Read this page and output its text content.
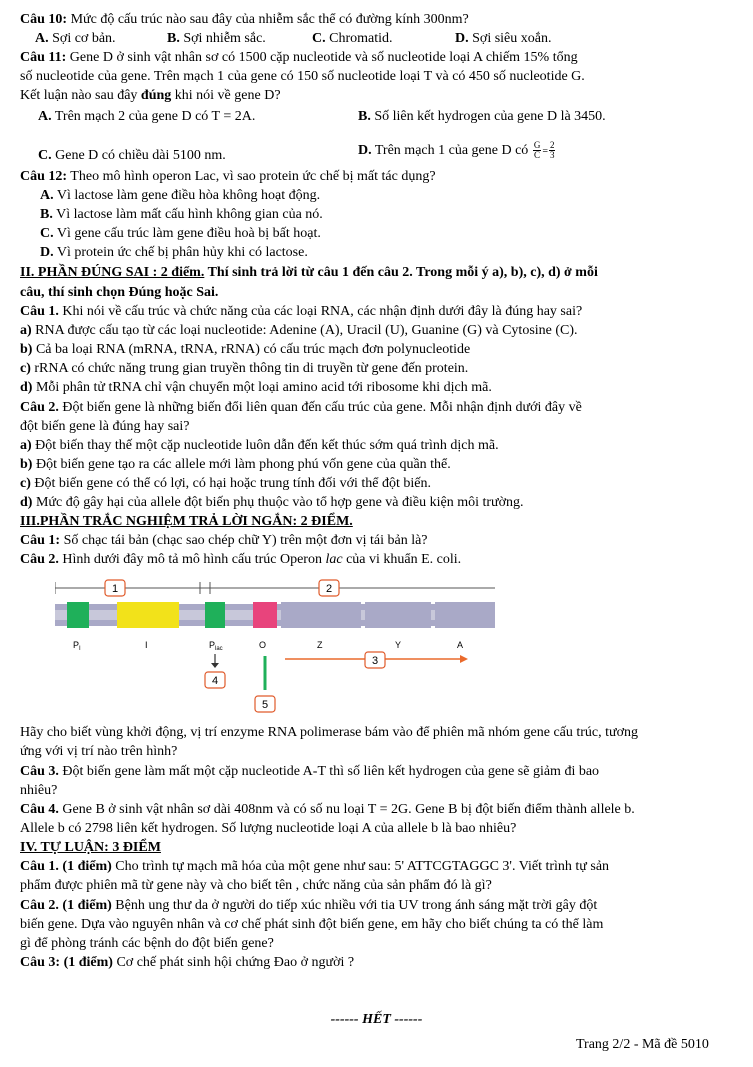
Câu 10: Mức độ cấu trúc nào sau đây của nhiễm sắc thể có đường kính 300nm?
A. Sợi cơ bản.	B. Sợi nhiễm sắc.	C. Chromatid.	D. Sợi siêu xoắn.
Câu 11: Gene D ở sinh vật nhân sơ có 1500 cặp nucleotide và số nucleotide loại A chiếm 15% tổng
số nucleotide của gene. Trên mạch 1 của gene có 150 số nucleotide loại T và có 450 số nucleotide G.
Kết luận nào sau đây đúng khi nói về gene D?
A. Trên mạch 2 của gene D có T = 2A.	B. Số liên kết hydrogen của gene D là 3450.
C. Gene D có chiều dài 5100 nm.	D. Trên mạch 1 của gene D có $\frac{G}{C} = \frac{2}{3}$
Câu 12: Theo mô hình operon Lac, vì sao protein ức chế bị mất tác dụng?
A. Vì lactose làm gene điều hòa không hoạt động.
B. Vì lactose làm mất cấu hình không gian của nó.
C. Vì gene cấu trúc làm gene điều hoà bị bất hoạt.
D. Vì protein ức chế bị phân hủy khi có lactose.
II. PHẦN ĐÚNG SAI : 2 điểm. Thí sinh trả lời từ câu 1 đến câu 2. Trong mỗi ý a), b), c), d) ở mỗi
câu, thí sinh chọn Đúng hoặc Sai.
Câu 1. Khi nói về cấu trúc và chức năng của các loại RNA, các nhận định dưới đây là đúng hay sai?
a) RNA được cấu tạo từ các loại nucleotide: Adenine (A), Uracil (U), Guanine (G) và Cytosine (C).
b) Cả ba loại RNA (mRNA, tRNA, rRNA) có cấu trúc mạch đơn polynucleotide
c) rRNA có chức năng trung gian truyền thông tin di truyền từ gene đến protein.
d) Mỗi phân tử tRNA chỉ vận chuyển một loại amino acid tới ribosome khi dịch mã.
Câu 2. Đột biến gene là những biến đổi liên quan đến cấu trúc của gene. Mỗi nhận định dưới đây về
đột biến gene là đúng hay sai?
a) Đột biến thay thế một cặp nucleotide luôn dẫn đến kết thúc sớm quá trình dịch mã.
b) Đột biến gene tạo ra các allele mới làm phong phú vốn gene của quần thể.
c) Đột biến gene có thể có lợi, có hại hoặc trung tính đối với thể đột biến.
d) Mức độ gây hại của allele đột biến phụ thuộc vào tổ hợp gene và điều kiện môi trường.
III.PHẦN TRẮC NGHIỆM TRẢ LỜI NGẮN: 2 ĐIỂM.
Câu 1: Số chạc tái bản (chạc sao chép chữ Y) trên một đơn vị tái bản là?
Câu 2. Hình dưới đây mô tả mô hình cấu trúc Operon lac của vi khuẩn E. coli.
1	2
$P_I$	I	$P_{lac}$	O	Z	Y	A
3
4
5
Hãy cho biết vùng khởi động, vị trí enzyme RNA polimerase bám vào để phiên mã nhóm gene cấu trúc, tương
ứng với vị trí nào trên hình?
Câu 3. Đột biến gene làm mất một cặp nucleotide A-T thì số liên kết hydrogen của gene sẽ giảm đi bao
nhiêu?
Câu 4. Gene B ở sinh vật nhân sơ dài 408nm và có số nu loại T = 2G. Gene B bị đột biến điểm thành allele b.
Allele b có 2798 liên kết hydrogen. Số lượng nucleotide loại A của allele b là bao nhiêu?
IV. TỰ LUẬN: 3 ĐIỂM
Câu 1. (1 điểm) Cho trình tự mạch mã hóa của một gene như sau: 5' ATTCGTAGGC 3'. Viết trình tự sản
phẩm được phiên mã từ gene này và cho biết tên , chức năng của sản phẩm đó là gì?
Câu 2. (1 điểm) Bệnh ung thư da ở người do tiếp xúc nhiều với tia UV trong ánh sáng mặt trời gây đột
biến gene. Dựa vào nguyên nhân và cơ chế phát sinh đột biến gene, em hãy cho biết chúng ta có thể làm
gì để phòng tránh các bệnh do đột biến gene?
Câu 3: (1 điểm) Cơ chế phát sinh hội chứng Đao ở người ?
------ HẾT ------
Trang 2/2 - Mã đề 5010
